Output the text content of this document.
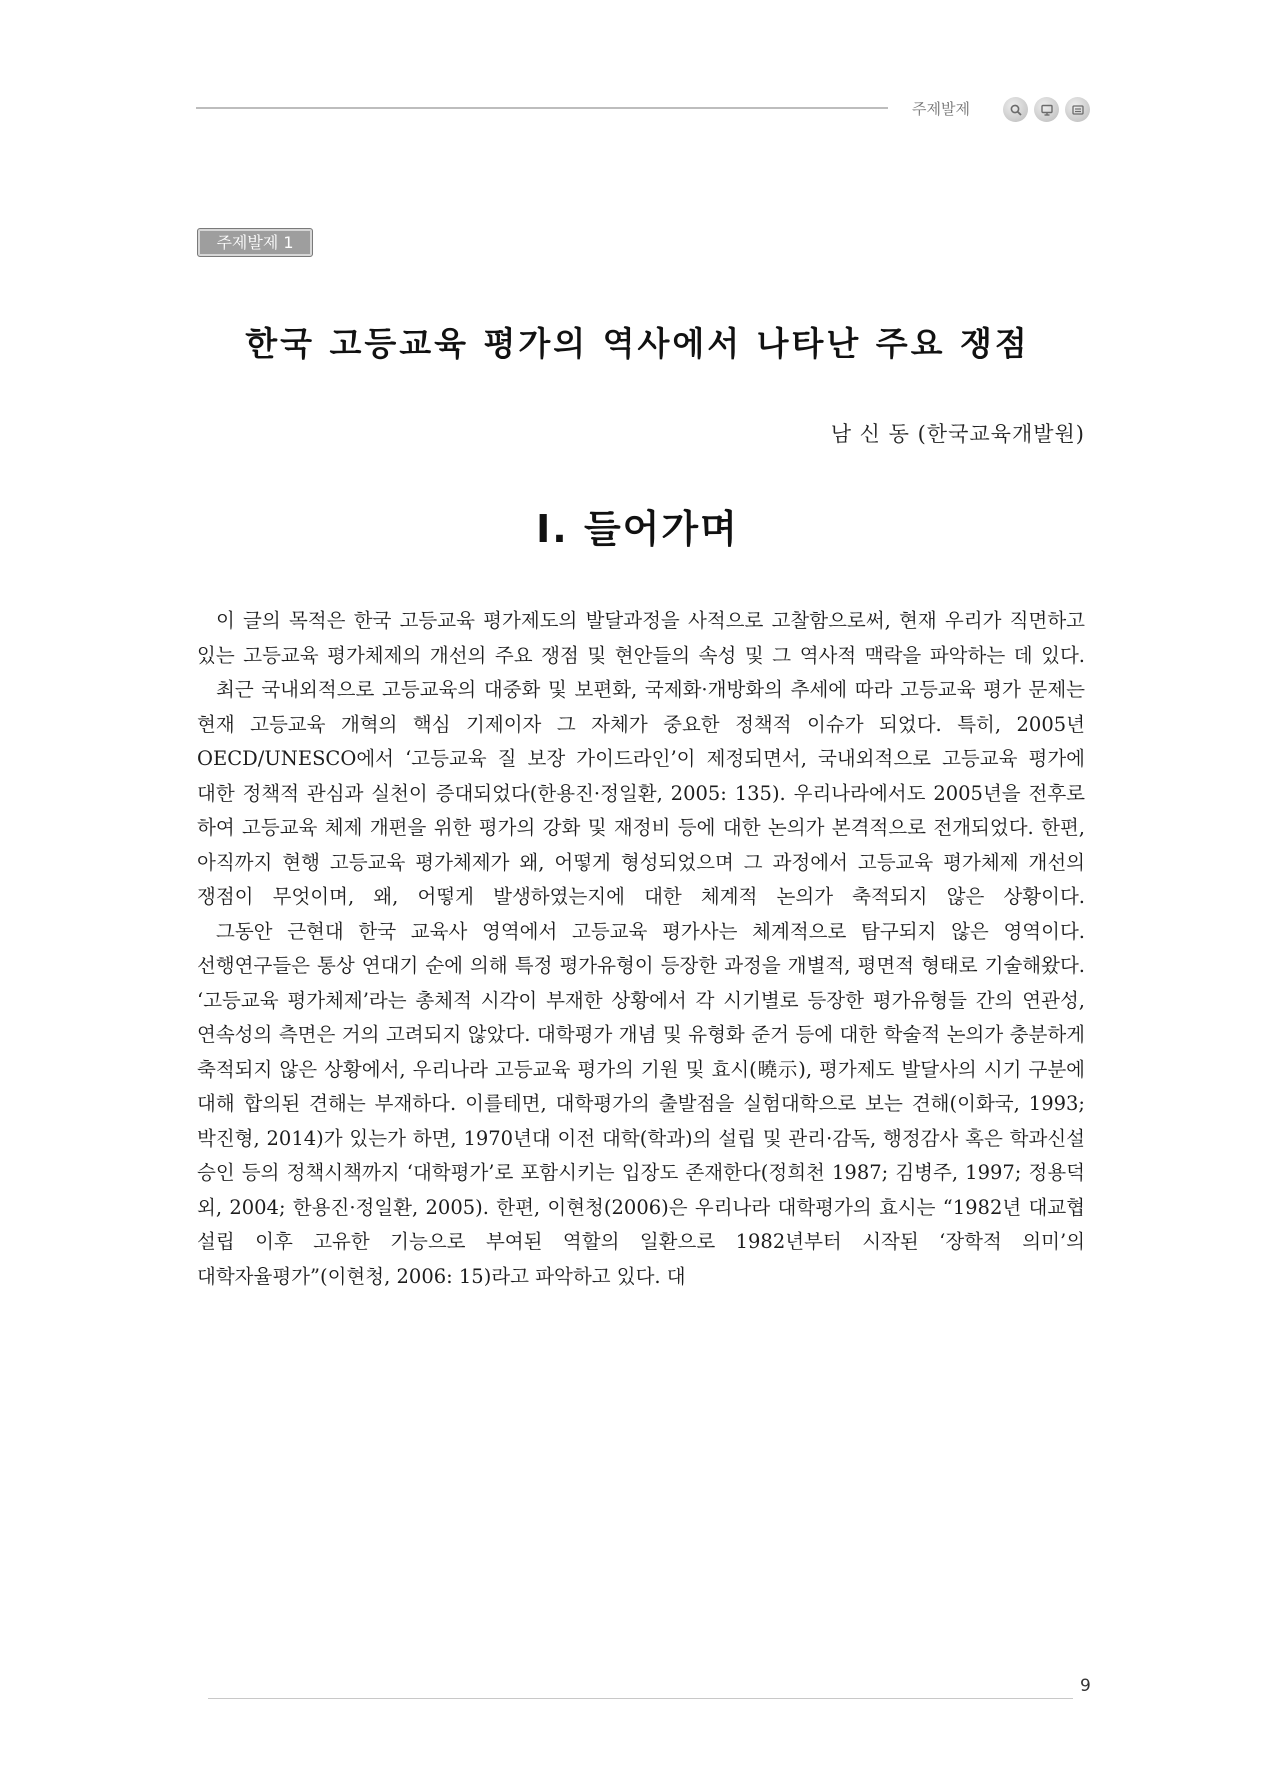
주제발제
주제발제 1
한국 고등교육 평가의 역사에서 나타난 주요 쟁점
남 신 동 (한국교육개발원)
Ⅰ. 들어가며

이 글의 목적은 한국 고등교육 평가제도의 발달과정을 사적으로 고찰함으로써, 현재 우리가 직면하고 있는 고등교육 평가체제의 개선의 주요 쟁점 및 현안들의 속성 및 그 역사적 맥락을 파악하는 데 있다.

최근 국내외적으로 고등교육의 대중화 및 보편화, 국제화·개방화의 추세에 따라 고등교육 평가 문제는 현재 고등교육 개혁의 핵심 기제이자 그 자체가 중요한 정책적 이슈가 되었다. 특히, 2005년 OECD/UNESCO에서 ‘고등교육 질 보장 가이드라인’이 제정되면서, 국내외적으로 고등교육 평가에 대한 정책적 관심과 실천이 증대되었다(한용진·정일환, 2005: 135). 우리나라에서도 2005년을 전후로 하여 고등교육 체제 개편을 위한 평가의 강화 및 재정비 등에 대한 논의가 본격적으로 전개되었다. 한편, 아직까지 현행 고등교육 평가체제가 왜, 어떻게 형성되었으며 그 과정에서 고등교육 평가체제 개선의 쟁점이 무엇이며, 왜, 어떻게 발생하였는지에 대한 체계적 논의가 축적되지 않은 상황이다.

그동안 근현대 한국 교육사 영역에서 고등교육 평가사는 체계적으로 탐구되지 않은 영역이다. 선행연구들은 통상 연대기 순에 의해 특정 평가유형이 등장한 과정을 개별적, 평면적 형태로 기술해왔다. ‘고등교육 평가체제’라는 총체적 시각이 부재한 상황에서 각 시기별로 등장한 평가유형들 간의 연관성, 연속성의 측면은 거의 고려되지 않았다. 대학평가 개념 및 유형화 준거 등에 대한 학술적 논의가 충분하게 축적되지 않은 상황에서, 우리나라 고등교육 평가의 기원 및 효시(曉示), 평가제도 발달사의 시기 구분에 대해 합의된 견해는 부재하다. 이를테면, 대학평가의 출발점을 실험대학으로 보는 견해(이화국, 1993; 박진형, 2014)가 있는가 하면, 1970년대 이전 대학(학과)의 설립 및 관리·감독, 행정감사 혹은 학과신설 승인 등의 정책시책까지 ‘대학평가’로 포함시키는 입장도 존재한다(정희천 1987; 김병주, 1997; 정용덕 외, 2004; 한용진·정일환, 2005). 한편, 이현청(2006)은 우리나라 대학평가의 효시는 “1982년 대교협 설립 이후 고유한 기능으로 부여된 역할의 일환으로 1982년부터 시작된 ‘장학적 의미’의 대학자율평가”(이현청, 2006: 15)라고 파악하고 있다. 대

9
